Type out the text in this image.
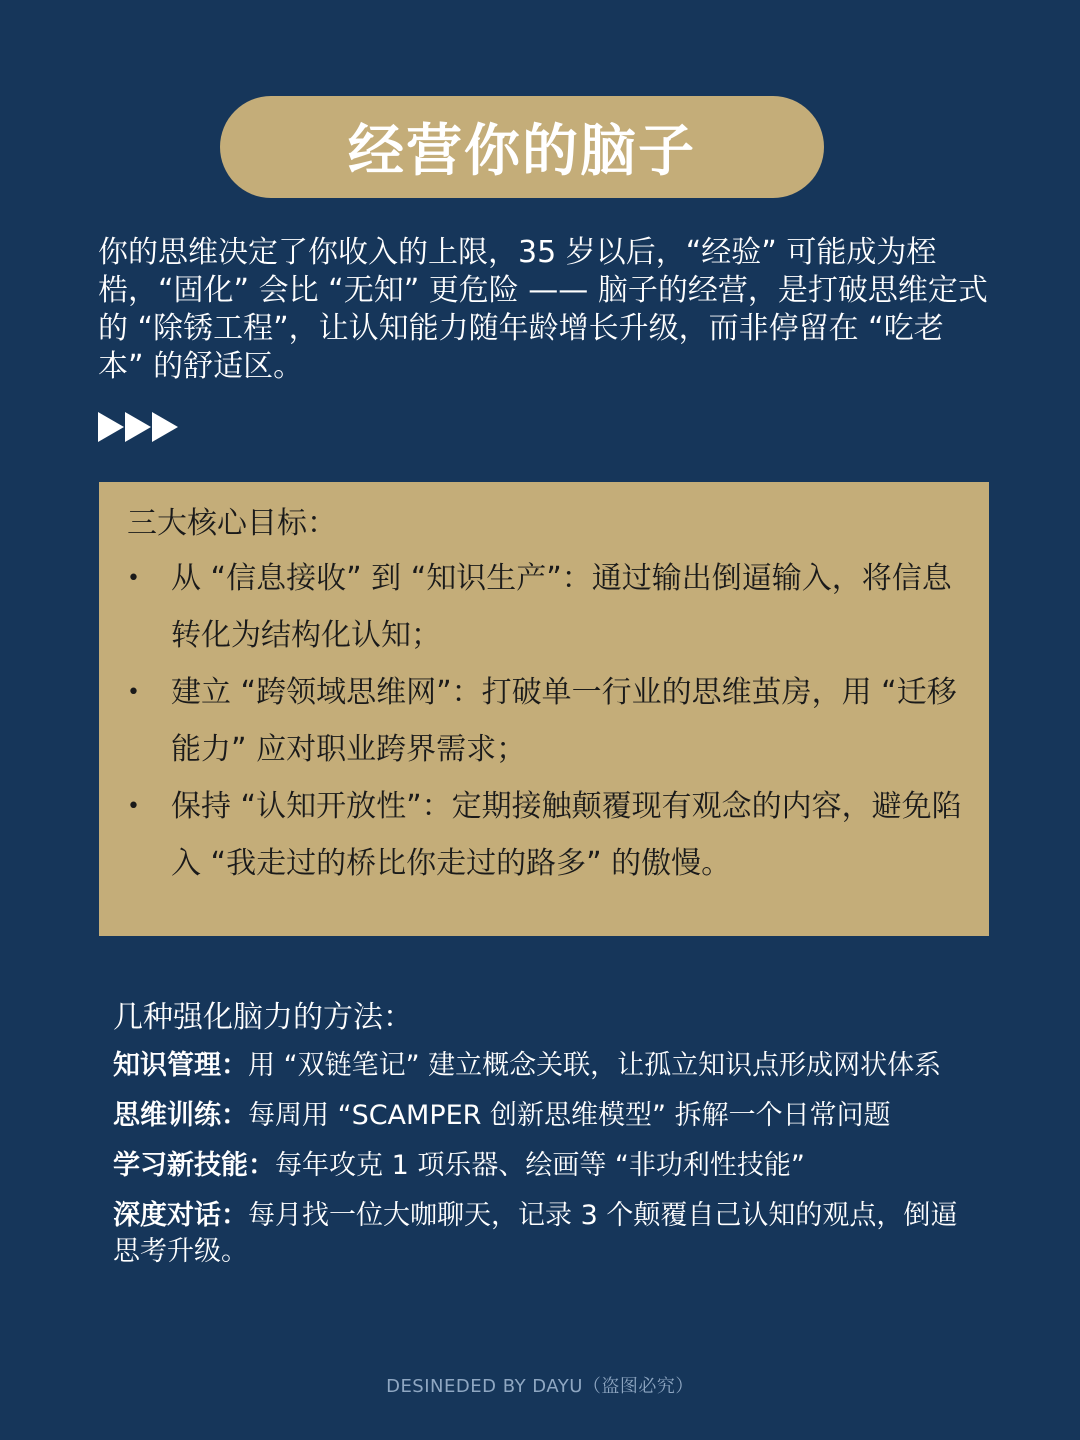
经营你的脑子

你的思维决定了你收入的上限，35 岁以后，“经验” 可能成为桎梏，“固化” 会比 “无知” 更危险 —— 脑子的经营，是打破思维定式的 “除锈工程”，让认知能力随年龄增长升级，而非停留在 “吃老本” 的舒适区。

三大核心目标：

• 从 “信息接收” 到 “知识生产”：通过输出倒逼输入，将信息转化为结构化认知；
• 建立 “跨领域思维网”：打破单一行业的思维茧房，用 “迁移能力” 应对职业跨界需求；
• 保持 “认知开放性”：定期接触颠覆现有观念的内容，避免陷入 “我走过的桥比你走过的路多” 的傲慢。

几种强化脑力的方法：

知识管理：用 “双链笔记” 建立概念关联，让孤立知识点形成网状体系

思维训练：每周用 “SCAMPER 创新思维模型” 拆解一个日常问题

学习新技能：每年攻克 1 项乐器、绘画等 “非功利性技能”

深度对话：每月找一位大咖聊天，记录 3 个颠覆自己认知的观点，倒逼思考升级。

DESINEDED BY DAYU（盗图必究）
